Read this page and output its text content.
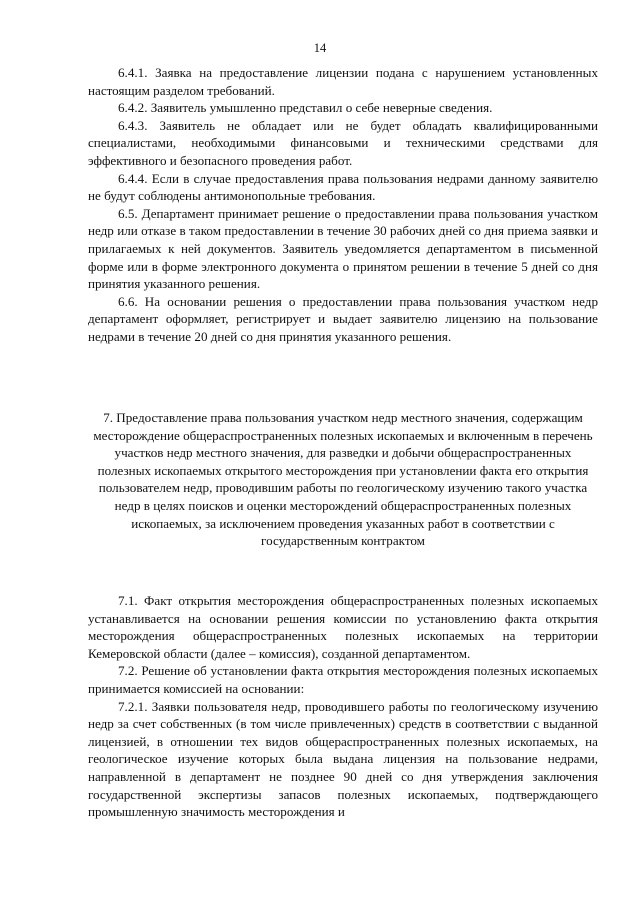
14

6.4.1. Заявка на предоставление лицензии подана с нарушением установленных настоящим разделом требований.

6.4.2. Заявитель умышленно представил о себе неверные сведения.

6.4.3. Заявитель не обладает или не будет обладать квалифицированными специалистами, необходимыми финансовыми и техническими средствами для эффективного и безопасного проведения работ.

6.4.4. Если в случае предоставления права пользования недрами данному заявителю не будут соблюдены антимонопольные требования.

6.5. Департамент принимает решение о предоставлении права пользования участком недр или отказе в таком предоставлении в течение 30 рабочих дней со дня приема заявки и прилагаемых к ней документов. Заявитель уведомляется департаментом в письменной форме или в форме электронного документа о принятом решении в течение 5 дней со дня принятия указанного решения.

6.6. На основании решения о предоставлении права пользования участком недр департамент оформляет, регистрирует и выдает заявителю лицензию на пользование недрами в течение 20 дней со дня принятия указанного решения.

7. Предоставление права пользования участком недр местного значения, содержащим месторождение общераспространенных полезных ископаемых и включенным в перечень участков недр местного значения, для разведки и добычи общераспространенных полезных ископаемых открытого месторождения при установлении факта его открытия пользователем недр, проводившим работы по геологическому изучению такого участка недр в целях поисков и оценки месторождений общераспространенных полезных ископаемых, за исключением проведения указанных работ в соответствии с государственным контрактом

7.1. Факт открытия месторождения общераспространенных полезных ископаемых устанавливается на основании решения комиссии по установлению факта открытия месторождения общераспространенных полезных ископаемых на территории Кемеровской области (далее – комиссия), созданной департаментом.

7.2. Решение об установлении факта открытия месторождения полезных ископаемых принимается комиссией на основании:

7.2.1. Заявки пользователя недр, проводившего работы по геологическому изучению недр за счет собственных (в том числе привлеченных) средств в соответствии с выданной лицензией, в отношении тех видов общераспространенных полезных ископаемых, на геологическое изучение которых была выдана лицензия на пользование недрами, направленной в департамент не позднее 90 дней со дня утверждения заключения государственной экспертизы запасов полезных ископаемых, подтверждающего промышленную значимость месторождения и
